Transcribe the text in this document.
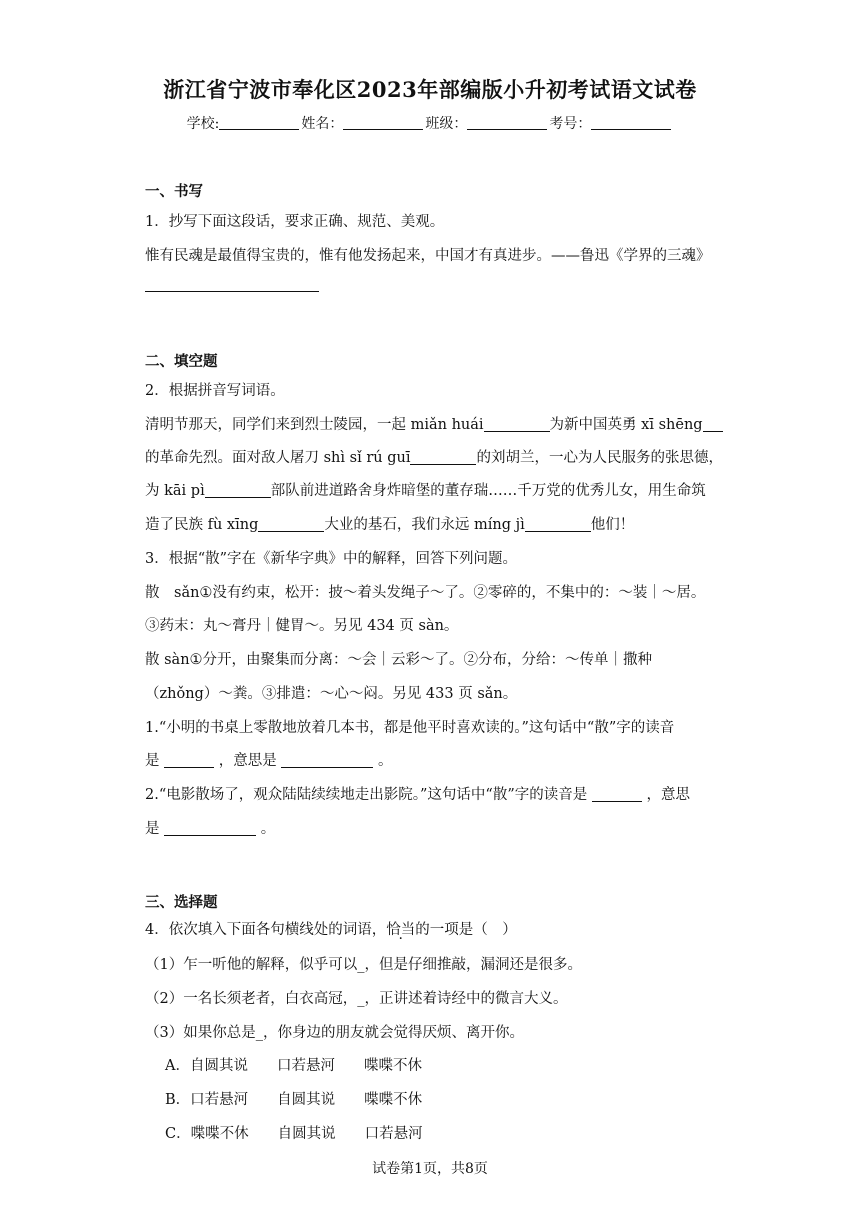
浙江省宁波市奉化区2023年部编版小升初考试语文试卷
学校:	姓名：	班级：	考号：
一、书写
1．抄写下面这段话，要求正确、规范、美观。
惟有民魂是最值得宝贵的，惟有他发扬起来，中国才有真进步。——鲁迅《学界的三魂》
二、填空题
2．根据拼音写词语。
清明节那天，同学们来到烈士陵园，一起 miǎn huái	为新中国英勇 xī shēng
的革命先烈。面对敌人屠刀 shì sǐ rú guī	的刘胡兰，一心为人民服务的张思德，
为 kāi pì	部队前进道路舍身炸暗堡的董存瑞……千万党的优秀儿女，用生命筑
造了民族 fù xīng	大业的基石，我们永远 míng jì	他们！
3．根据“散”字在《新华字典》中的解释，回答下列问题。
散　sǎn①没有约束，松开：披～着头发绳子～了。②零碎的，不集中的：～装｜～居。
③药末：丸～膏丹｜健胃～。另见 434 页 sàn。
散 sàn①分开，由聚集而分离：～会｜云彩～了。②分布，分给：～传单｜撒种
（zhǒng）～粪。③排遣：～心～闷。另见 433 页 sǎn。
1.“小明的书桌上零散地放着几本书，都是他平时喜欢读的。”这句话中“散”字的读音
是	，意思是	。
2.“电影散场了，观众陆陆续续地走出影院。”这句话中“散”字的读音是	，意思
是	。
三、选择题
4．依次填入下面各句横线处的词语，恰当的一项是（　）
（1）乍一听他的解释，似乎可以_，但是仔细推敲，漏洞还是很多。
（2）一名长须老者，白衣高冠，_，正讲述着诗经中的微言大义。
（3）如果你总是_，你身边的朋友就会觉得厌烦、离开你。
A．自圆其说　　口若悬河　　喋喋不休
B．口若悬河　　自圆其说　　喋喋不休
C．喋喋不休　　自圆其说　　口若悬河
试卷第1页，共8页
